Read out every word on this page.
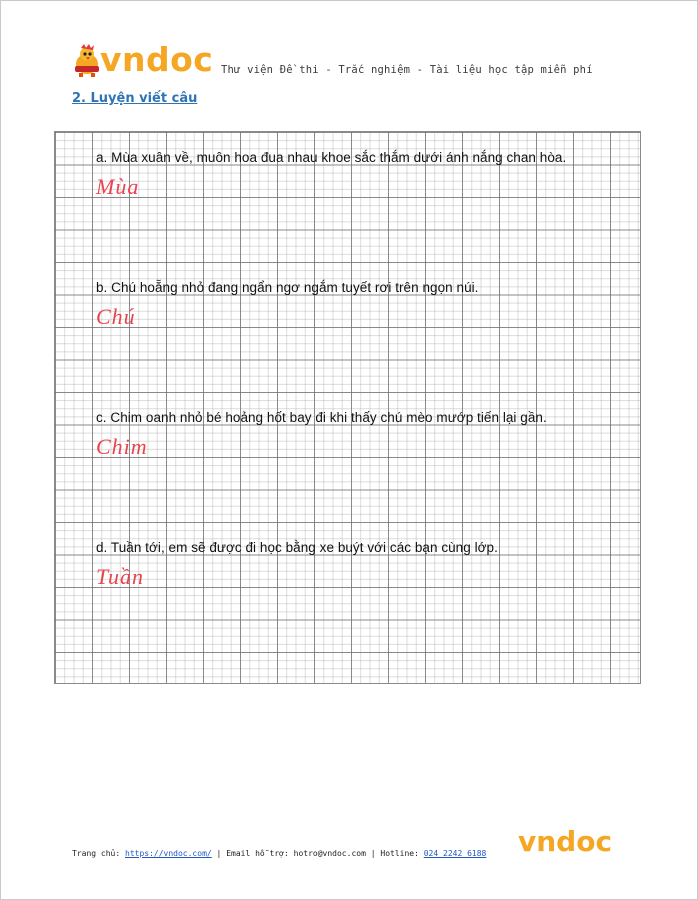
vndoc Thư viện Đề thi - Trắc nghiệm - Tài liệu học tập miễn phí
2. Luyện viết câu
a. Mùa xuân về, muôn hoa đua nhau khoe sắc thắm dưới ánh nắng chan hòa.
Mùa
b. Chú hoẵng nhỏ đang ngẩn ngơ ngắm tuyết rơi trên ngọn núi.
Chú
c. Chim oanh nhỏ bé hoảng hốt bay đi khi thấy chú mèo mướp tiến lại gần.
Chim
d. Tuần tới, em sẽ được đi học bằng xe buýt với các bạn cùng lớp.
Tuần
Trang chủ: https://vndoc.com/ | Email hỗ trợ: hotro@vndoc.com | Hotline: 024 2242 6188 vndoc
